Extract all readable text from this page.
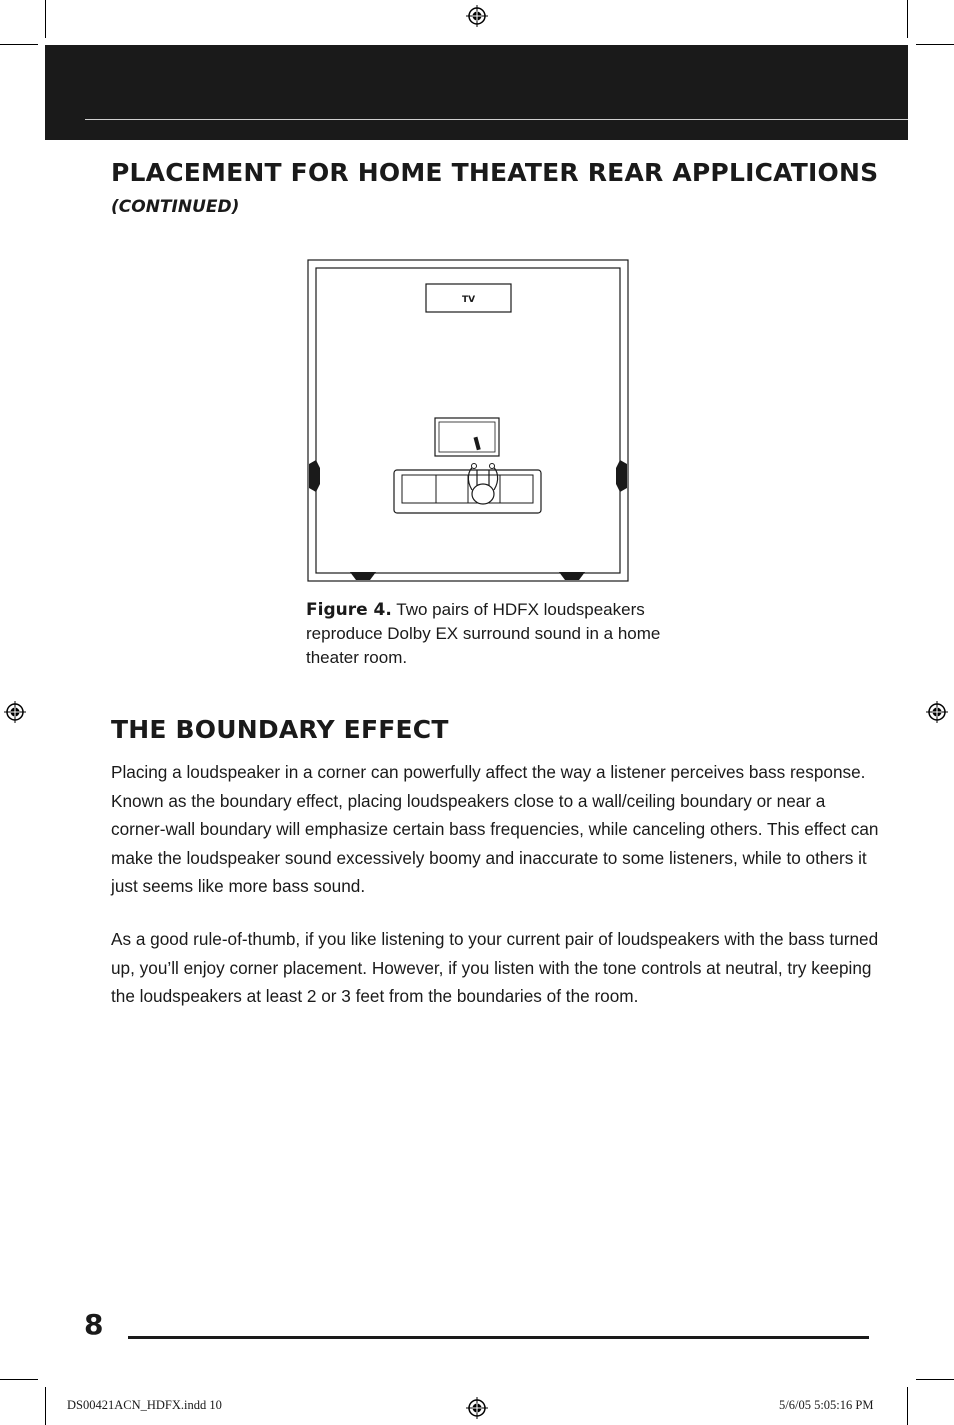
PLACEMENT FOR HOME THEATER REAR APPLICATIONS

(CONTINUED)

TV

Figure 4. Two pairs of HDFX loudspeakers reproduce Dolby EX surround sound in a home theater room.

THE BOUNDARY EFFECT

Placing a loudspeaker in a corner can powerfully affect the way a listener perceives bass response. Known as the boundary effect, placing loudspeakers close to a wall/ceiling boundary or near a corner-wall boundary will emphasize certain bass frequencies, while canceling others. This effect can make the loudspeaker sound excessively boomy and inaccurate to some listeners, while to others it just seems like more bass sound.

As a good rule-of-thumb, if you like listening to your current pair of loudspeakers with the bass turned up, you’ll enjoy corner placement. However, if you listen with the tone controls at neutral, try keeping the loudspeakers at least 2 or 3 feet from the boundaries of the room.

8

DS00421ACN_HDFX.indd 10	5/6/05 5:05:16 PM
